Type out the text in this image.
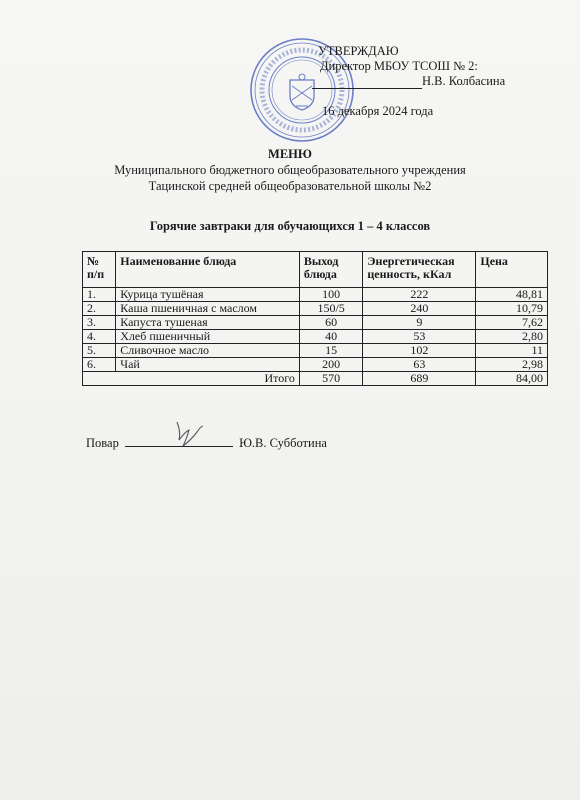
УТВЕРЖДАЮ
Директор МБОУ ТСОШ № 2:
Н.В. Колбасина
16 декабря 2024 года
МЕНЮ
Муниципального бюджетного общеобразовательного учреждения
Тацинской средней общеобразовательной школы №2
Горячие завтраки для обучающихся 1 – 4 классов
№ п/п	Наименование блюда	Выход блюда	Энергетическая ценность, кКал	Цена
1.	Курица тушёная	100	222	48,81
2.	Каша пшеничная с маслом	150/5	240	10,79
3.	Капуста тушеная	60	9	7,62
4.	Хлеб пшеничный	40	53	2,80
5.	Сливочное масло	15	102	11
6.	Чай	200	63	2,98
Итого		570	689	84,00
Повар	Ю.В. Субботина
